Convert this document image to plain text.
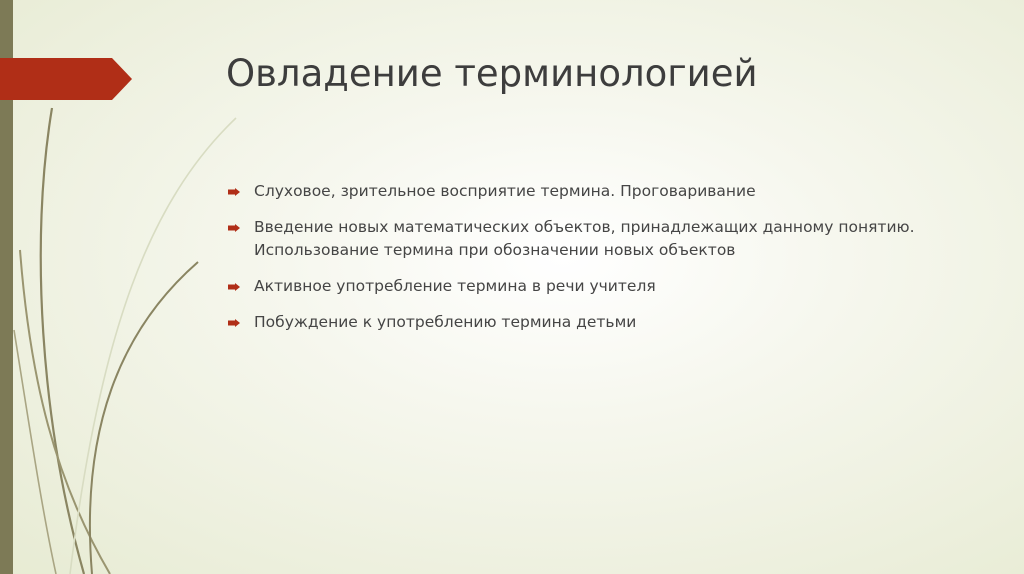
Овладение терминологией
Слуховое, зрительное восприятие термина. Проговаривание
Введение новых математических объектов, принадлежащих данному понятию. Использование термина при обозначении новых объектов
Активное употребление термина в речи учителя
Побуждение к употреблению термина детьми
